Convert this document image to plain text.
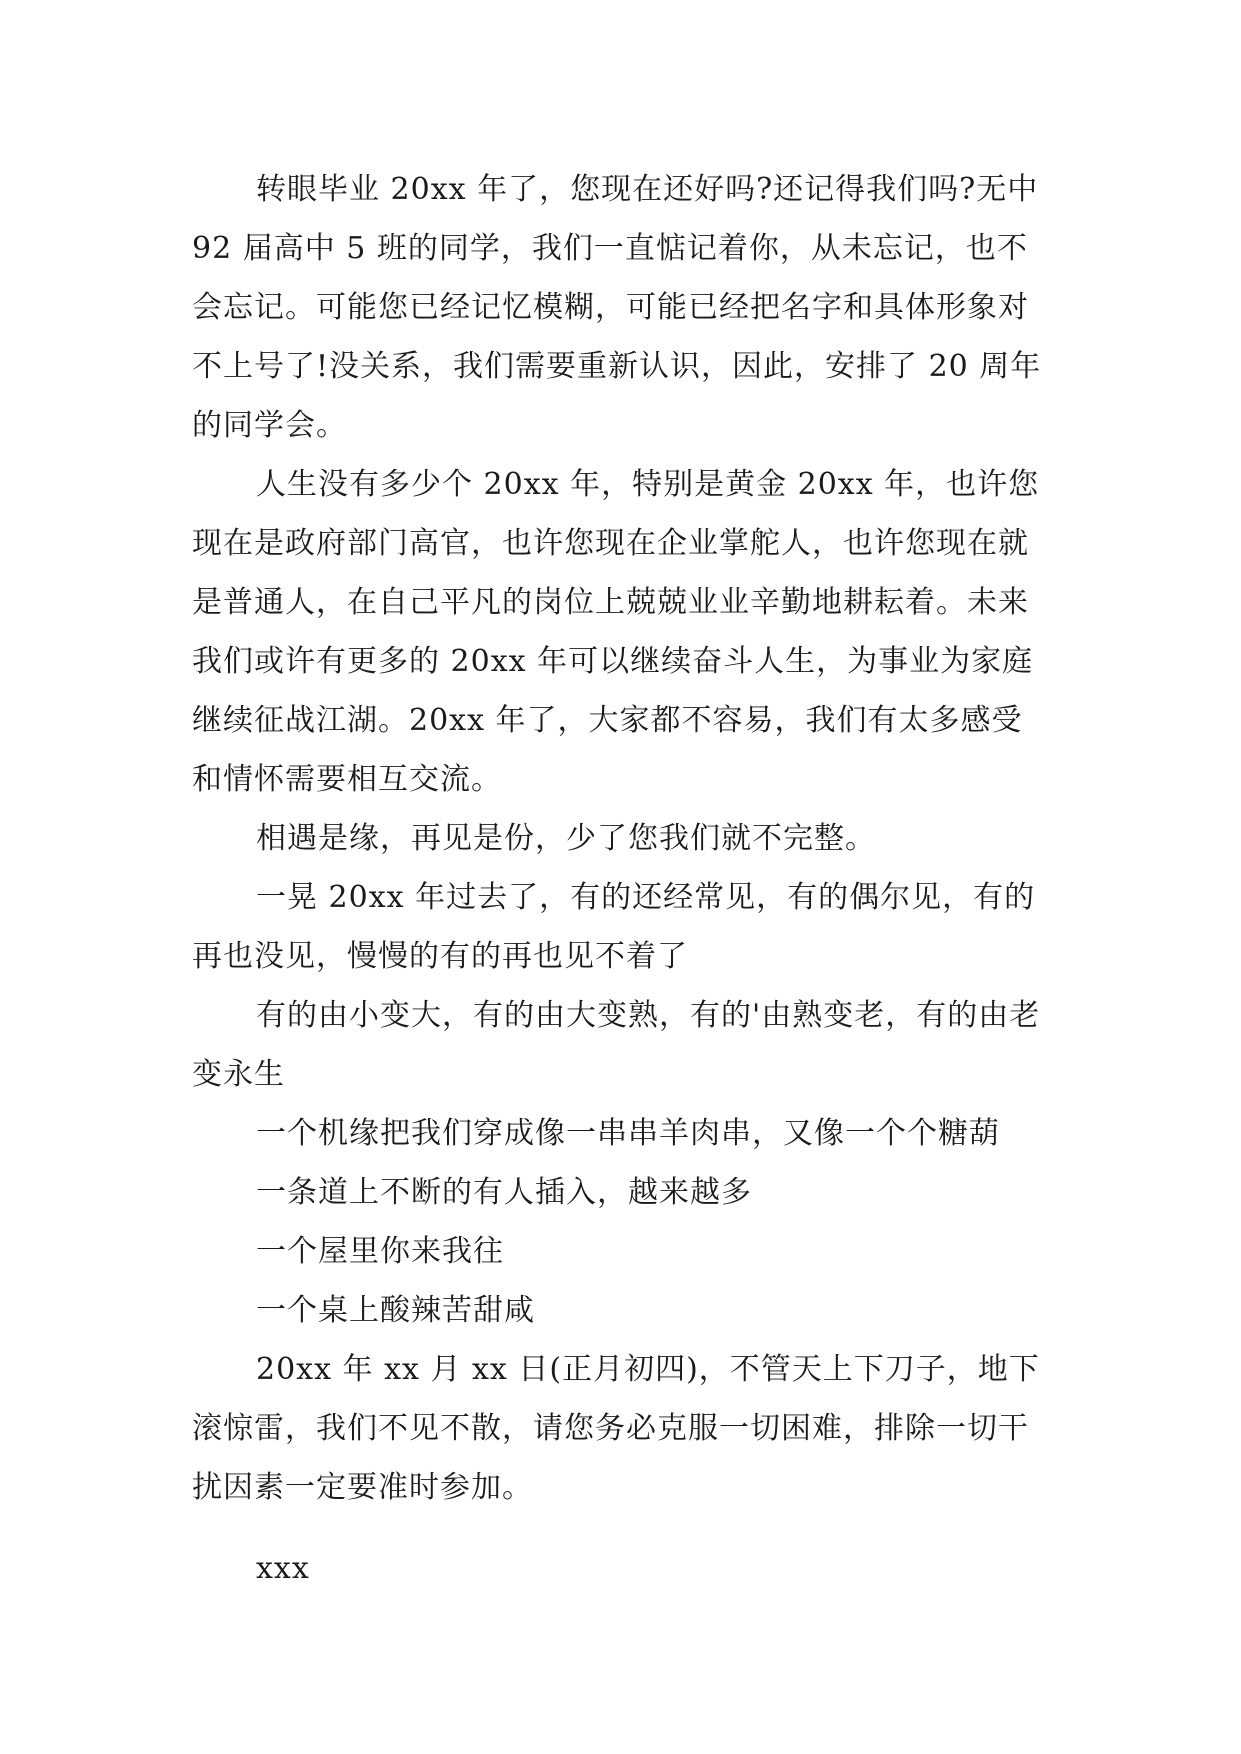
转眼毕业 20xx 年了，您现在还好吗?还记得我们吗?无中 92 届高中 5 班的同学，我们一直惦记着你，从未忘记，也不会忘记。可能您已经记忆模糊，可能已经把名字和具体形象对不上号了!没关系，我们需要重新认识，因此，安排了 20 周年的同学会。

人生没有多少个 20xx 年，特别是黄金 20xx 年，也许您现在是政府部门高官，也许您现在企业掌舵人，也许您现在就是普通人，在自己平凡的岗位上兢兢业业辛勤地耕耘着。未来我们或许有更多的 20xx 年可以继续奋斗人生，为事业为家庭继续征战江湖。20xx 年了，大家都不容易，我们有太多感受和情怀需要相互交流。

相遇是缘，再见是份，少了您我们就不完整。

一晃 20xx 年过去了，有的还经常见，有的偶尔见，有的再也没见，慢慢的有的再也见不着了

有的由小变大，有的由大变熟，有的'由熟变老，有的由老变永生

一个机缘把我们穿成像一串串羊肉串，又像一个个糖葫

一条道上不断的有人插入，越来越多

一个屋里你来我往

一个桌上酸辣苦甜咸

20xx 年 xx 月 xx 日(正月初四)，不管天上下刀子，地下滚惊雷，我们不见不散，请您务必克服一切困难，排除一切干扰因素一定要准时参加。

xxx
